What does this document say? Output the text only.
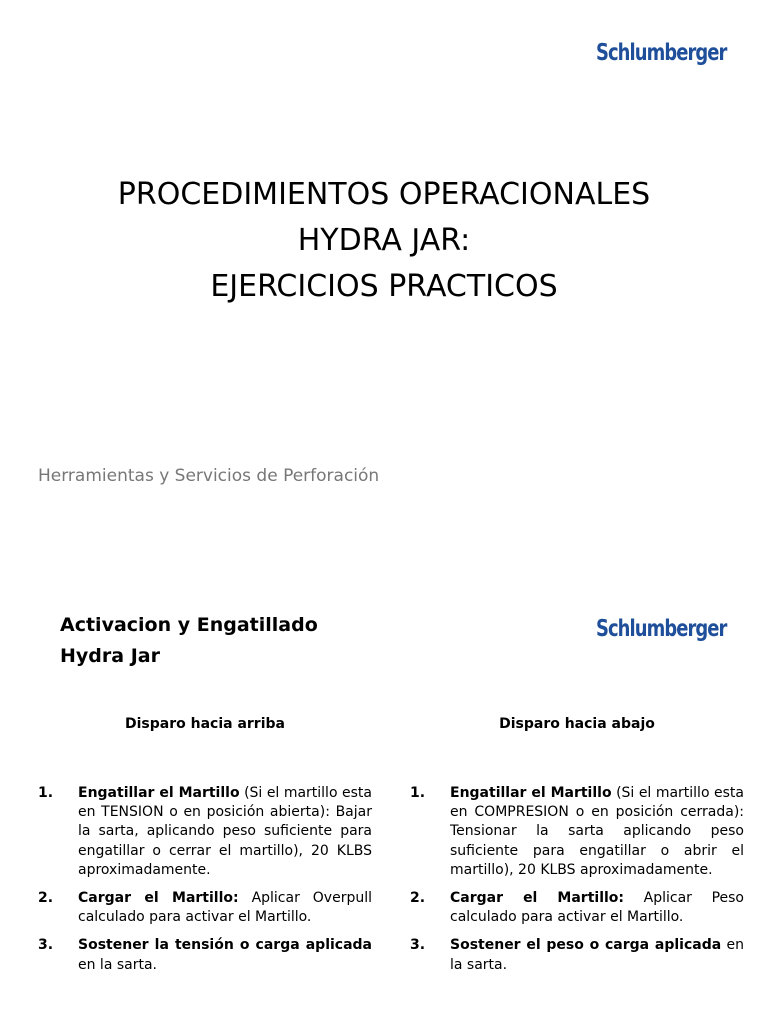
Schlumberger
PROCEDIMIENTOS OPERACIONALES
HYDRA JAR:
EJERCICIOS PRACTICOS
Herramientas y Servicios de Perforación
Activacion y Engatillado
Hydra Jar
Schlumberger
Disparo hacia arriba
1. Engatillar el Martillo (Si el martillo esta en TENSION o en posición abierta): Bajar la sarta, aplicando peso suficiente para engatillar o cerrar el martillo), 20 KLBS aproximadamente.
2. Cargar el Martillo: Aplicar Overpull calculado para activar el Martillo.
3. Sostener la tensión o carga aplicada en la sarta.
Disparo hacia abajo
1. Engatillar el Martillo (Si el martillo esta en COMPRESION o en posición cerrada): Tensionar la sarta aplicando peso suficiente para engatillar o abrir el martillo), 20 KLBS aproximadamente.
2. Cargar el Martillo: Aplicar Peso calculado para activar el Martillo.
3. Sostener el peso o carga aplicada en la sarta.
